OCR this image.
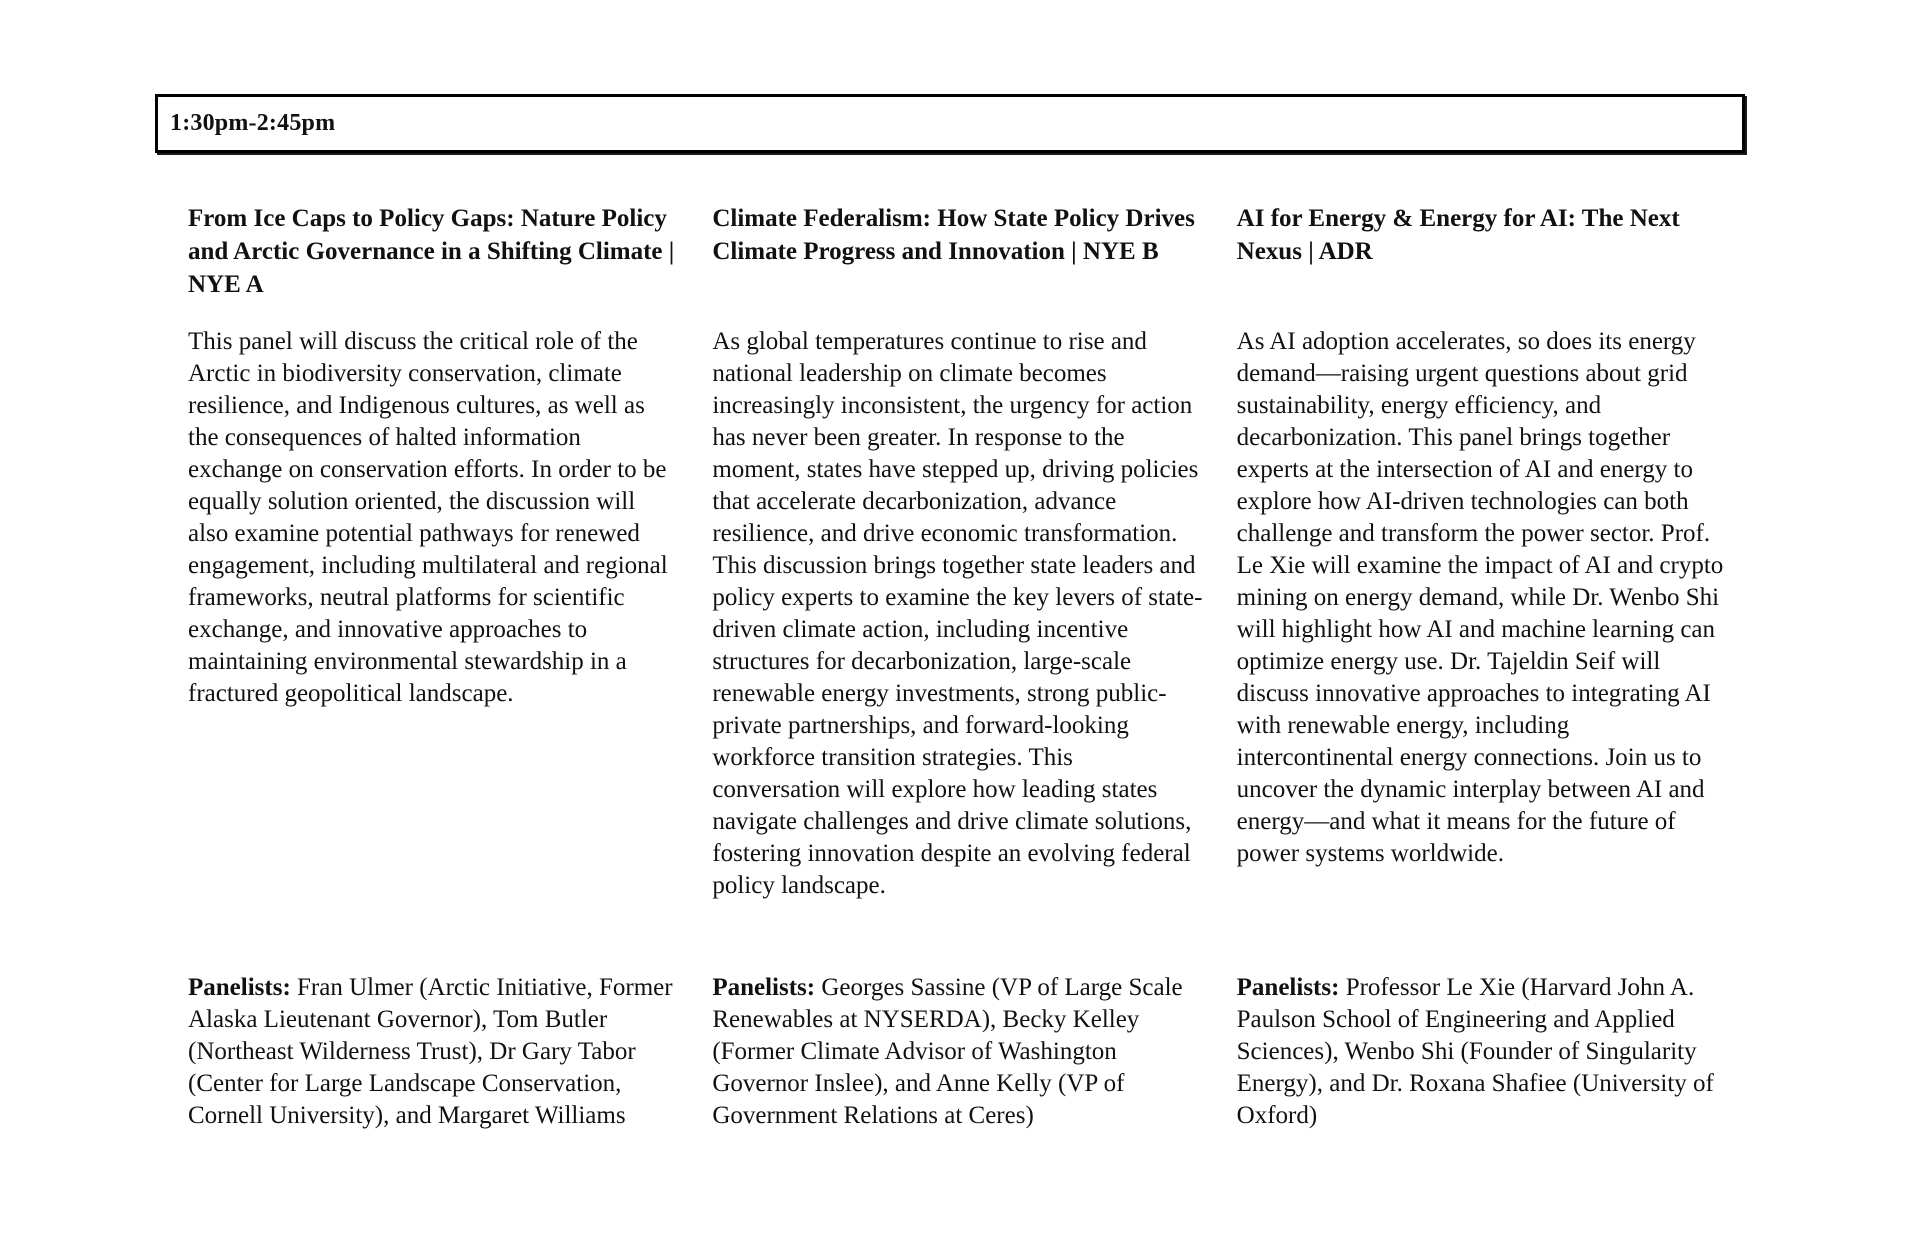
1:30pm-2:45pm
From Ice Caps to Policy Gaps: Nature Policy and Arctic Governance in a Shifting Climate | NYE A
Climate Federalism: How State Policy Drives Climate Progress and Innovation | NYE B
AI for Energy & Energy for AI: The Next Nexus | ADR
This panel will discuss the critical role of the Arctic in biodiversity conservation, climate resilience, and Indigenous cultures, as well as the consequences of halted information exchange on conservation efforts. In order to be equally solution oriented, the discussion will also examine potential pathways for renewed engagement, including multilateral and regional frameworks, neutral platforms for scientific exchange, and innovative approaches to maintaining environmental stewardship in a fractured geopolitical landscape.
As global temperatures continue to rise and national leadership on climate becomes increasingly inconsistent, the urgency for action has never been greater. In response to the moment, states have stepped up, driving policies that accelerate decarbonization, advance resilience, and drive economic transformation. This discussion brings together state leaders and policy experts to examine the key levers of state-driven climate action, including incentive structures for decarbonization, large-scale renewable energy investments, strong public-private partnerships, and forward-looking workforce transition strategies. This conversation will explore how leading states navigate challenges and drive climate solutions, fostering innovation despite an evolving federal policy landscape.
As AI adoption accelerates, so does its energy demand—raising urgent questions about grid sustainability, energy efficiency, and decarbonization. This panel brings together experts at the intersection of AI and energy to explore how AI-driven technologies can both challenge and transform the power sector. Prof. Le Xie will examine the impact of AI and crypto mining on energy demand, while Dr. Wenbo Shi will highlight how AI and machine learning can optimize energy use. Dr. Tajeldin Seif will discuss innovative approaches to integrating AI with renewable energy, including intercontinental energy connections. Join us to uncover the dynamic interplay between AI and energy—and what it means for the future of power systems worldwide.
Panelists: Fran Ulmer (Arctic Initiative, Former Alaska Lieutenant Governor), Tom Butler (Northeast Wilderness Trust), Dr Gary Tabor (Center for Large Landscape Conservation, Cornell University), and Margaret Williams
Panelists: Georges Sassine (VP of Large Scale Renewables at NYSERDA), Becky Kelley (Former Climate Advisor of Washington Governor Inslee), and Anne Kelly (VP of Government Relations at Ceres)
Panelists: Professor Le Xie (Harvard John A. Paulson School of Engineering and Applied Sciences), Wenbo Shi (Founder of Singularity Energy), and Dr. Roxana Shafiee (University of Oxford)
